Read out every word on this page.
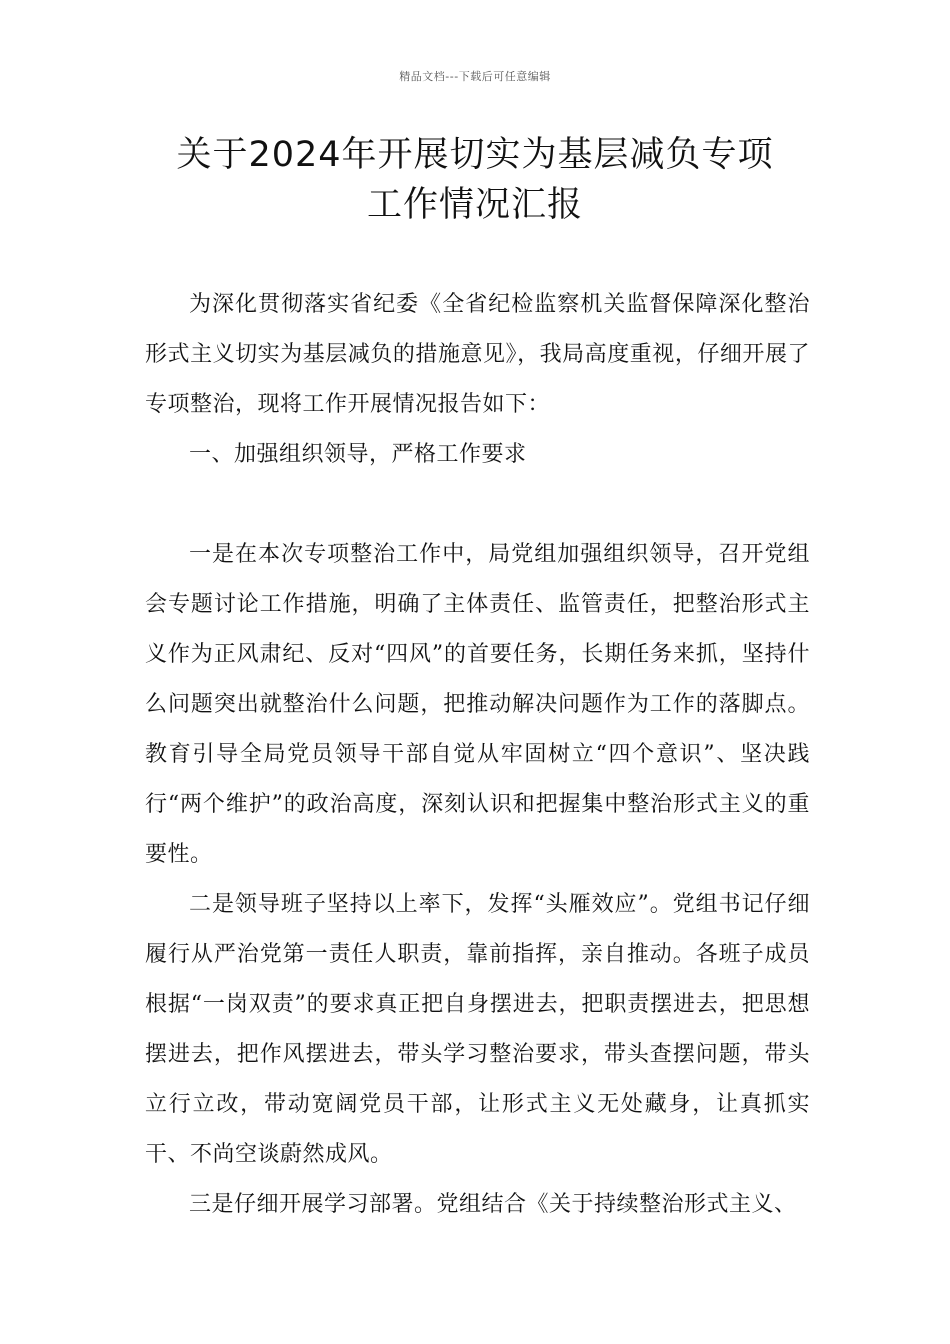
精品文档---下载后可任意编辑
关于2024年开展切实为基层减负专项
工作情况汇报

为深化贯彻落实省纪委《全省纪检监察机关监督保障深化整治形式主义切实为基层减负的措施意见》，我局高度重视，仔细开展了专项整治，现将工作开展情况报告如下：

一、加强组织领导，严格工作要求

一是在本次专项整治工作中，局党组加强组织领导，召开党组会专题讨论工作措施，明确了主体责任、监管责任，把整治形式主义作为正风肃纪、反对“四风”的首要任务，长期任务来抓，坚持什么问题突出就整治什么问题，把推动解决问题作为工作的落脚点。教育引导全局党员领导干部自觉从牢固树立“四个意识”、坚决践行“两个维护”的政治高度，深刻认识和把握集中整治形式主义的重要性。

二是领导班子坚持以上率下，发挥“头雁效应”。党组书记仔细履行从严治党第一责任人职责，靠前指挥，亲自推动。各班子成员根据“一岗双责”的要求真正把自身摆进去，把职责摆进去，把思想摆进去，把作风摆进去，带头学习整治要求，带头查摆问题，带头立行立改，带动宽阔党员干部，让形式主义无处藏身，让真抓实干、不尚空谈蔚然成风。

三是仔细开展学习部署。党组结合《关于持续整治形式主义、
